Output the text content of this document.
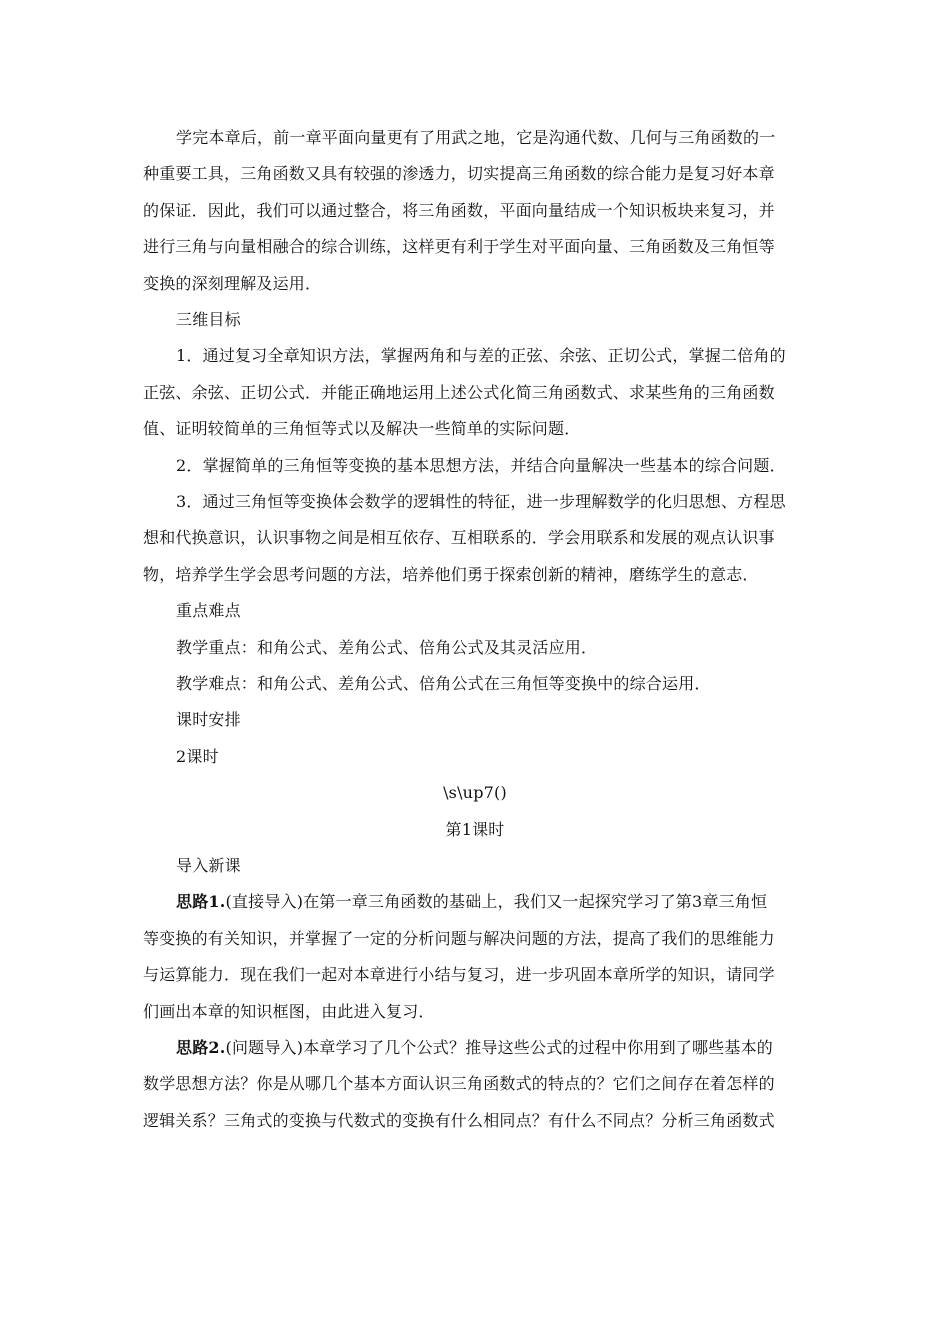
学完本章后，前一章平面向量更有了用武之地，它是沟通代数、几何与三角函数的一
种重要工具，三角函数又具有较强的渗透力，切实提高三角函数的综合能力是复习好本章
的保证．因此，我们可以通过整合，将三角函数，平面向量结成一个知识板块来复习，并
进行三角与向量相融合的综合训练，这样更有利于学生对平面向量、三角函数及三角恒等
变换的深刻理解及运用．
三维目标
1．通过复习全章知识方法，掌握两角和与差的正弦、余弦、正切公式，掌握二倍角的
正弦、余弦、正切公式．并能正确地运用上述公式化简三角函数式、求某些角的三角函数
值、证明较简单的三角恒等式以及解决一些简单的实际问题．
2．掌握简单的三角恒等变换的基本思想方法，并结合向量解决一些基本的综合问题．
3．通过三角恒等变换体会数学的逻辑性的特征，进一步理解数学的化归思想、方程思
想和代换意识，认识事物之间是相互依存、互相联系的．学会用联系和发展的观点认识事
物，培养学生学会思考问题的方法，培养他们勇于探索创新的精神，磨练学生的意志．
重点难点
教学重点：和角公式、差角公式、倍角公式及其灵活应用．
教学难点：和角公式、差角公式、倍角公式在三角恒等变换中的综合运用．
课时安排
2课时
\s\up7()
第1课时
导入新课
思路1.(直接导入)在第一章三角函数的基础上，我们又一起探究学习了第3章三角恒
等变换的有关知识，并掌握了一定的分析问题与解决问题的方法，提高了我们的思维能力
与运算能力．现在我们一起对本章进行小结与复习，进一步巩固本章所学的知识，请同学
们画出本章的知识框图，由此进入复习．
思路2.(问题导入)本章学习了几个公式？推导这些公式的过程中你用到了哪些基本的
数学思想方法？你是从哪几个基本方面认识三角函数式的特点的？它们之间存在着怎样的
逻辑关系？三角式的变换与代数式的变换有什么相同点？有什么不同点？分析三角函数式
